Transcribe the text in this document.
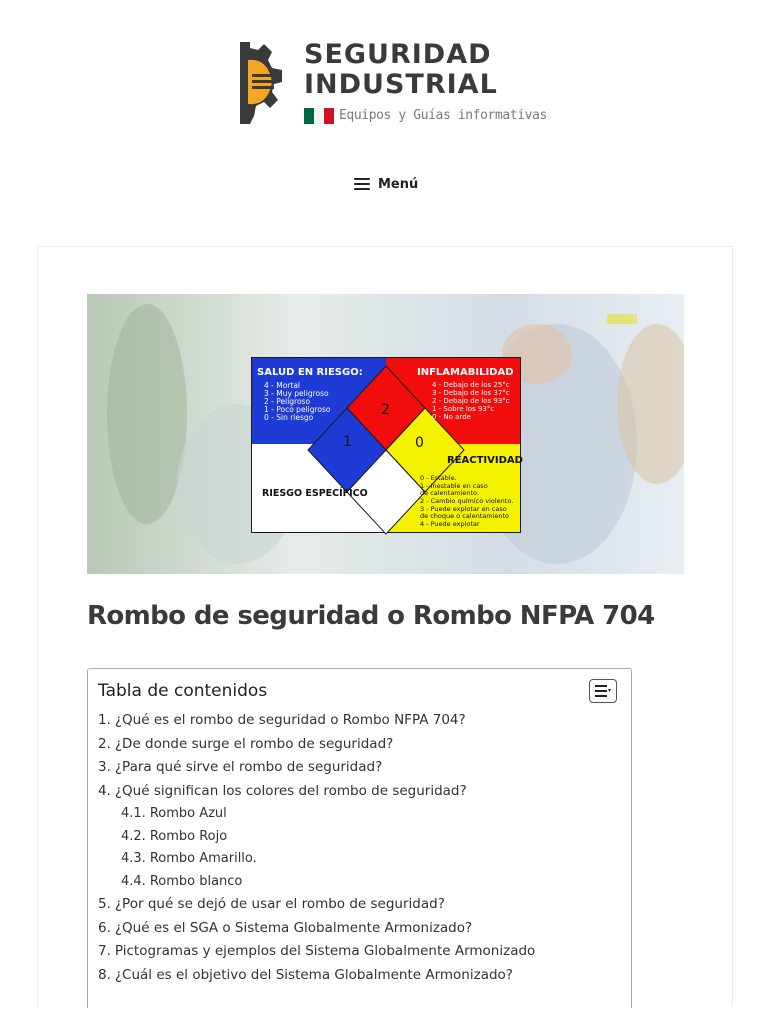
SEGURIDAD
INDUSTRIAL
Equipos y Guías informativas
Menú
SALUD EN RIESGO:
4 - Mortal
3 - Muy peligroso
2 - Peligroso
1 - Poco peligroso
0 - Sin riesgo
INFLAMABILIDAD
4 - Debajo de los 25°c
3 - Debajo de los 37°c
2 - Debajo de los 93°c
1 - Sobre los 93°c
0 - No arde
REACTIVIDAD
0 - Estable.
1 - Inestable en caso
de calentamiento.
2 - Cambio químico violento.
3 - Puede explotar en caso
de choque o calentamiento
4 - Puede explotar
RIESGO ESPECÍFICO
2
1	0
Rombo de seguridad o Rombo NFPA 704
Tabla de contenidos
1. ¿Qué es el rombo de seguridad o Rombo NFPA 704?
2. ¿De donde surge el rombo de seguridad?
3. ¿Para qué sirve el rombo de seguridad?
4. ¿Qué significan los colores del rombo de seguridad?
4.1. Rombo Azul
4.2. Rombo Rojo
4.3. Rombo Amarillo.
4.4. Rombo blanco
5. ¿Por qué se dejó de usar el rombo de seguridad?
6. ¿Qué es el SGA o Sistema Globalmente Armonizado?
7. Pictogramas y ejemplos del Sistema Globalmente Armonizado
8. ¿Cuál es el objetivo del Sistema Globalmente Armonizado?
